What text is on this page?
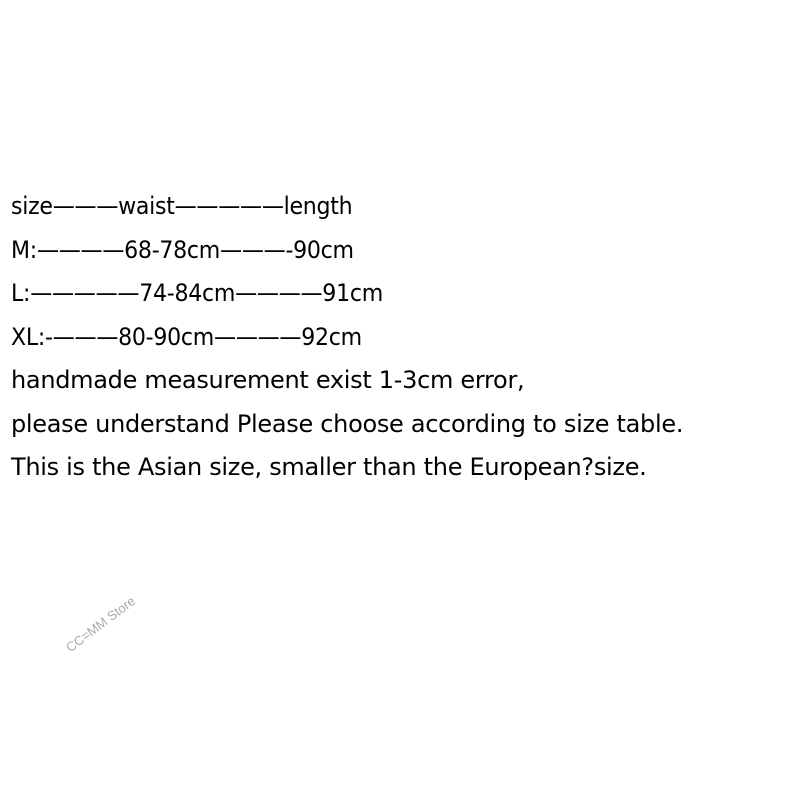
size———waist—————length
M:————68-78cm———-90cm
L:—————74-84cm————91cm
XL:-———80-90cm————92cm
handmade measurement exist 1-3cm error,
please understand Please choose according to size table.
This is the Asian size, smaller than the European?size.
CC=MM Store
